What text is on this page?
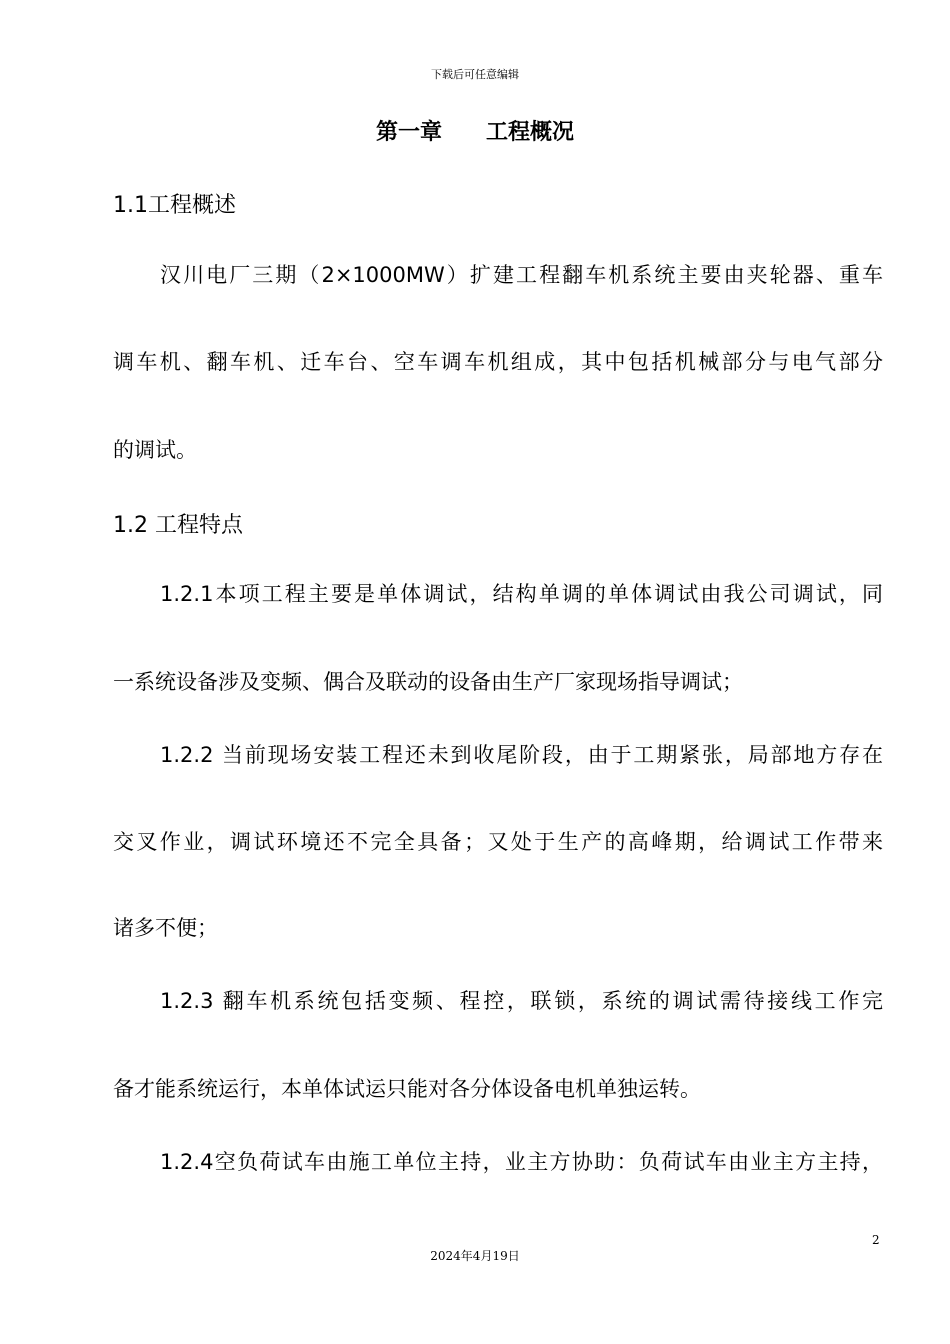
下载后可任意编辑
第一章　　工程概况
1.1工程概述
汉川电厂三期（2×1000MW）扩建工程翻车机系统主要由夹轮器、重车
调车机、翻车机、迁车台、空车调车机组成，其中包括机械部分与电气部分
的调试。
1.2 工程特点
1.2.1本项工程主要是单体调试，结构单调的单体调试由我公司调试，同
一系统设备涉及变频、偶合及联动的设备由生产厂家现场指导调试；
1.2.2 当前现场安装工程还未到收尾阶段，由于工期紧张，局部地方存在
交叉作业，调试环境还不完全具备；又处于生产的高峰期，给调试工作带来
诸多不便；
1.2.3 翻车机系统包括变频、程控，联锁，系统的调试需待接线工作完
备才能系统运行，本单体试运只能对各分体设备电机单独运转。
1.2.4空负荷试车由施工单位主持，业主方协助：负荷试车由业主方主持，
2
2024年4月19日
